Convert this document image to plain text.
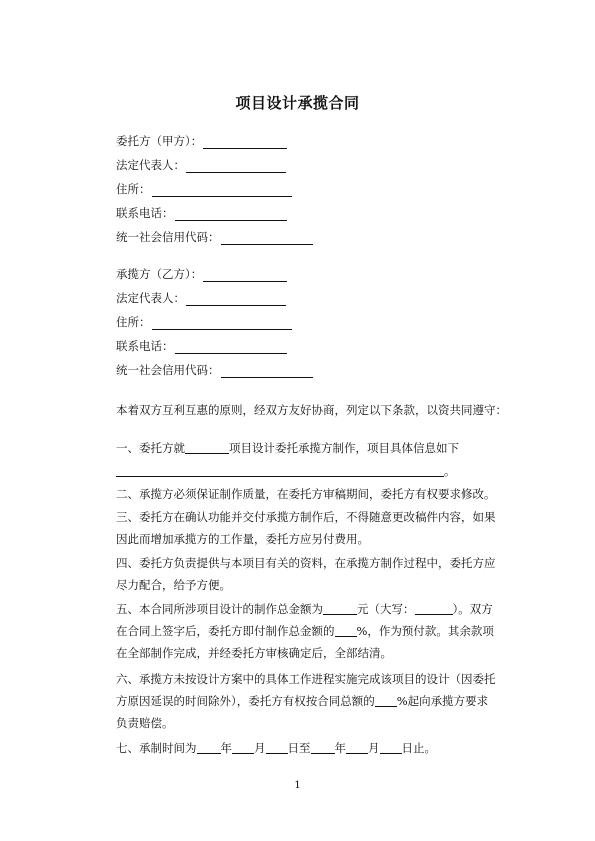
项目设计承揽合同
委托方（甲方）：
法定代表人：
住所：
联系电话：
统一社会信用代码：
承揽方（乙方）：
法定代表人：
住所：
联系电话：
统一社会信用代码：
本着双方互利互惠的原则，经双方友好协商，列定以下条款，以资共同遵守：
一、委托方就	项目设计委托承揽方制作，项目具体信息如下
。
二、承揽方必须保证制作质量，在委托方审稿期间，委托方有权要求修改。
三、委托方在确认功能并交付承揽方制作后，不得随意更改稿件内容，如果因此而增加承揽方的工作量，委托方应另付费用。
四、委托方负责提供与本项目有关的资料，在承揽方制作过程中，委托方应尽力配合，给予方便。
五、本合同所涉项目设计的制作总金额为	元（大写：	）。双方在合同上签字后，委托方即付制作总金额的 %，作为预付款。其余款项在全部制作完成，并经委托方审核确定后，全部结清。
六、承揽方未按设计方案中的具体工作进程实施完成该项目的设计（因委托方原因延误的时间除外），委托方有权按合同总额的 %起向承揽方要求负责赔偿。
七、承制时间为 年 月 日至 年 月 日止。
1
